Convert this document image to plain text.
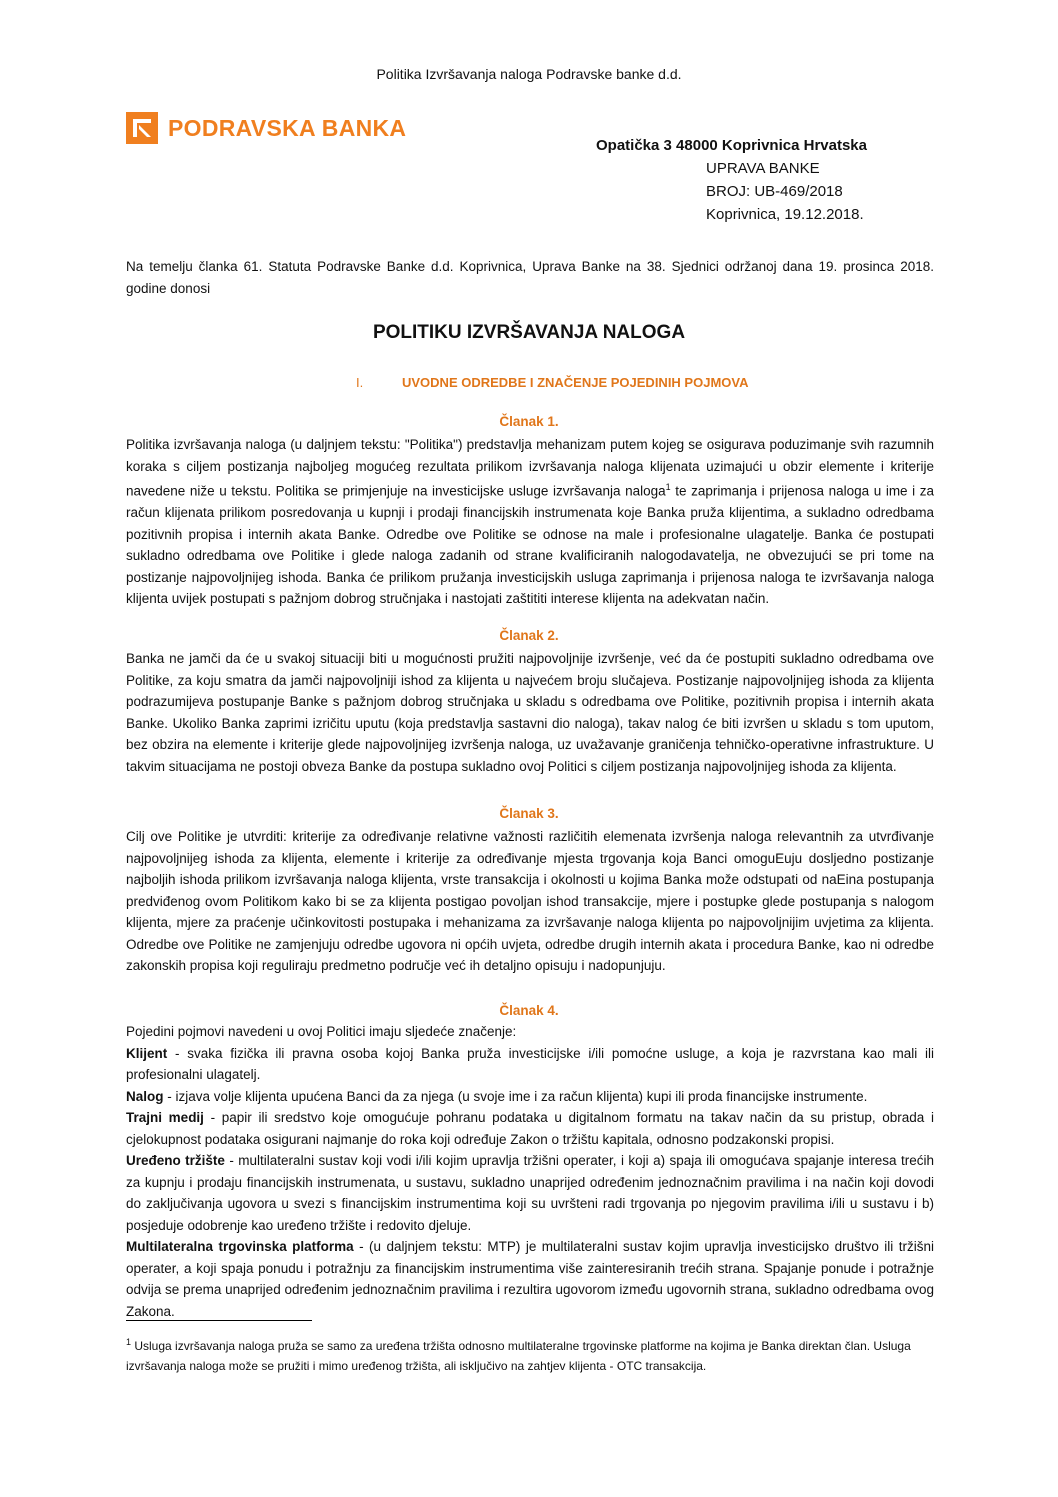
Politika Izvršavanja naloga Podravske banke d.d.
PODRAVSKA BANKA
Opatička 3 48000 Koprivnica Hrvatska
UPRAVA BANKE
BROJ: UB-469/2018
Koprivnica, 19.12.2018.
Na temelju članka 61. Statuta Podravske Banke d.d. Koprivnica, Uprava Banke na 38. Sjednici održanoj dana 19. prosinca 2018. godine donosi
POLITIKU IZVRŠAVANJA NALOGA
I.	UVODNE ODREDBE I ZNAČENJE POJEDINIH POJMOVA
Članak 1.
Politika izvršavanja naloga (u daljnjem tekstu: "Politika") predstavlja mehanizam putem kojeg se osigurava poduzimanje svih razumnih koraka s ciljem postizanja najboljeg mogućeg rezultata prilikom izvršavanja naloga klijenata uzimajući u obzir elemente i kriterije navedene niže u tekstu. Politika se primjenjuje na investicijske usluge izvršavanja naloga$^1$ te zaprimanja i prijenosa naloga u ime i za račun klijenata prilikom posredovanja u kupnji i prodaji financijskih instrumenata koje Banka pruža klijentima, a sukladno odredbama pozitivnih propisa i internih akata Banke. Odredbe ove Politike se odnose na male i profesionalne ulagatelje. Banka će postupati sukladno odredbama ove Politike i glede naloga zadanih od strane kvalificiranih nalogodavatelja, ne obvezujući se pri tome na postizanje najpovoljnijeg ishoda. Banka će prilikom pružanja investicijskih usluga zaprimanja i prijenosa naloga te izvršavanja naloga klijenta uvijek postupati s pažnjom dobrog stručnjaka i nastojati zaštititi interese klijenta na adekvatan način.
Članak 2.
Banka ne jamči da će u svakoj situaciji biti u mogućnosti pružiti najpovoljnije izvršenje, već da će postupiti sukladno odredbama ove Politike, za koju smatra da jamči najpovoljniji ishod za klijenta u najvećem broju slučajeva. Postizanje najpovoljnijeg ishoda za klijenta podrazumijeva postupanje Banke s pažnjom dobrog stručnjaka u skladu s odredbama ove Politike, pozitivnih propisa i internih akata Banke. Ukoliko Banka zaprimi izričitu uputu (koja predstavlja sastavni dio naloga), takav nalog će biti izvršen u skladu s tom uputom, bez obzira na elemente i kriterije glede najpovoljnijeg izvršenja naloga, uz uvažavanje graničenja tehničko-operativne infrastrukture. U takvim situacijama ne postoji obveza Banke da postupa sukladno ovoj Politici s ciljem postizanja najpovoljnijeg ishoda za klijenta.
Članak 3.
Cilj ove Politike je utvrditi: kriterije za određivanje relativne važnosti različitih elemenata izvršenja naloga relevantnih za utvrđivanje najpovoljnijeg ishoda za klijenta, elemente i kriterije za određivanje mjesta trgovanja koja Banci omoguEuju dosljedno postizanje najboljih ishoda prilikom izvršavanja naloga klijenta, vrste transakcija i okolnosti u kojima Banka može odstupati od naEina postupanja predviđenog ovom Politikom kako bi se za klijenta postigao povoljan ishod transakcije, mjere i postupke glede postupanja s nalogom klijenta, mjere za praćenje učinkovitosti postupaka i mehanizama za izvršavanje naloga klijenta po najpovoljnijim uvjetima za klijenta. Odredbe ove Politike ne zamjenjuju odredbe ugovora ni općih uvjeta, odredbe drugih internih akata i procedura Banke, kao ni odredbe zakonskih propisa koji reguliraju predmetno područje već ih detaljno opisuju i nadopunjuju.
Članak 4.

Pojedini pojmovi navedeni u ovoj Politici imaju sljedeće značenje:

Klijent - svaka fizička ili pravna osoba kojoj Banka pruža investicijske i/ili pomoćne usluge, a koja je razvrstana kao mali ili profesionalni ulagatelj.

Nalog - izjava volje klijenta upućena Banci da za njega (u svoje ime i za račun klijenta) kupi ili proda financijske instrumente.

Trajni medij - papir ili sredstvo koje omogućuje pohranu podataka u digitalnom formatu na takav način da su pristup, obrada i cjelokupnost podataka osigurani najmanje do roka koji određuje Zakon o tržištu kapitala, odnosno podzakonski propisi.

Uređeno tržište - multilateralni sustav koji vodi i/ili kojim upravlja tržišni operater, i koji a) spaja ili omogućava spajanje interesa trećih za kupnju i prodaju financijskih instrumenata, u sustavu, sukladno unaprijed određenim jednoznačnim pravilima i na način koji dovodi do zaključivanja ugovora u svezi s financijskim instrumentima koji su uvršteni radi trgovanja po njegovim pravilima i/ili u sustavu i b) posjeduje odobrenje kao uređeno tržište i redovito djeluje.

Multilateralna trgovinska platforma - (u daljnjem tekstu: MTP) je multilateralni sustav kojim upravlja investicijsko društvo ili tržišni operater, a koji spaja ponudu i potražnju za financijskim instrumentima više zainteresiranih trećih strana. Spajanje ponude i potražnje odvija se prema unaprijed određenim jednoznačnim pravilima i rezultira ugovorom između ugovornih strana, sukladno odredbama ovog Zakona.

$^1$ Usluga izvršavanja naloga pruža se samo za uređena tržišta odnosno multilateralne trgovinske platforme na kojima je Banka direktan član. Usluga izvršavanja naloga može se pružiti i mimo uređenog tržišta, ali isključivo na zahtjev klijenta - OTC transakcija.
